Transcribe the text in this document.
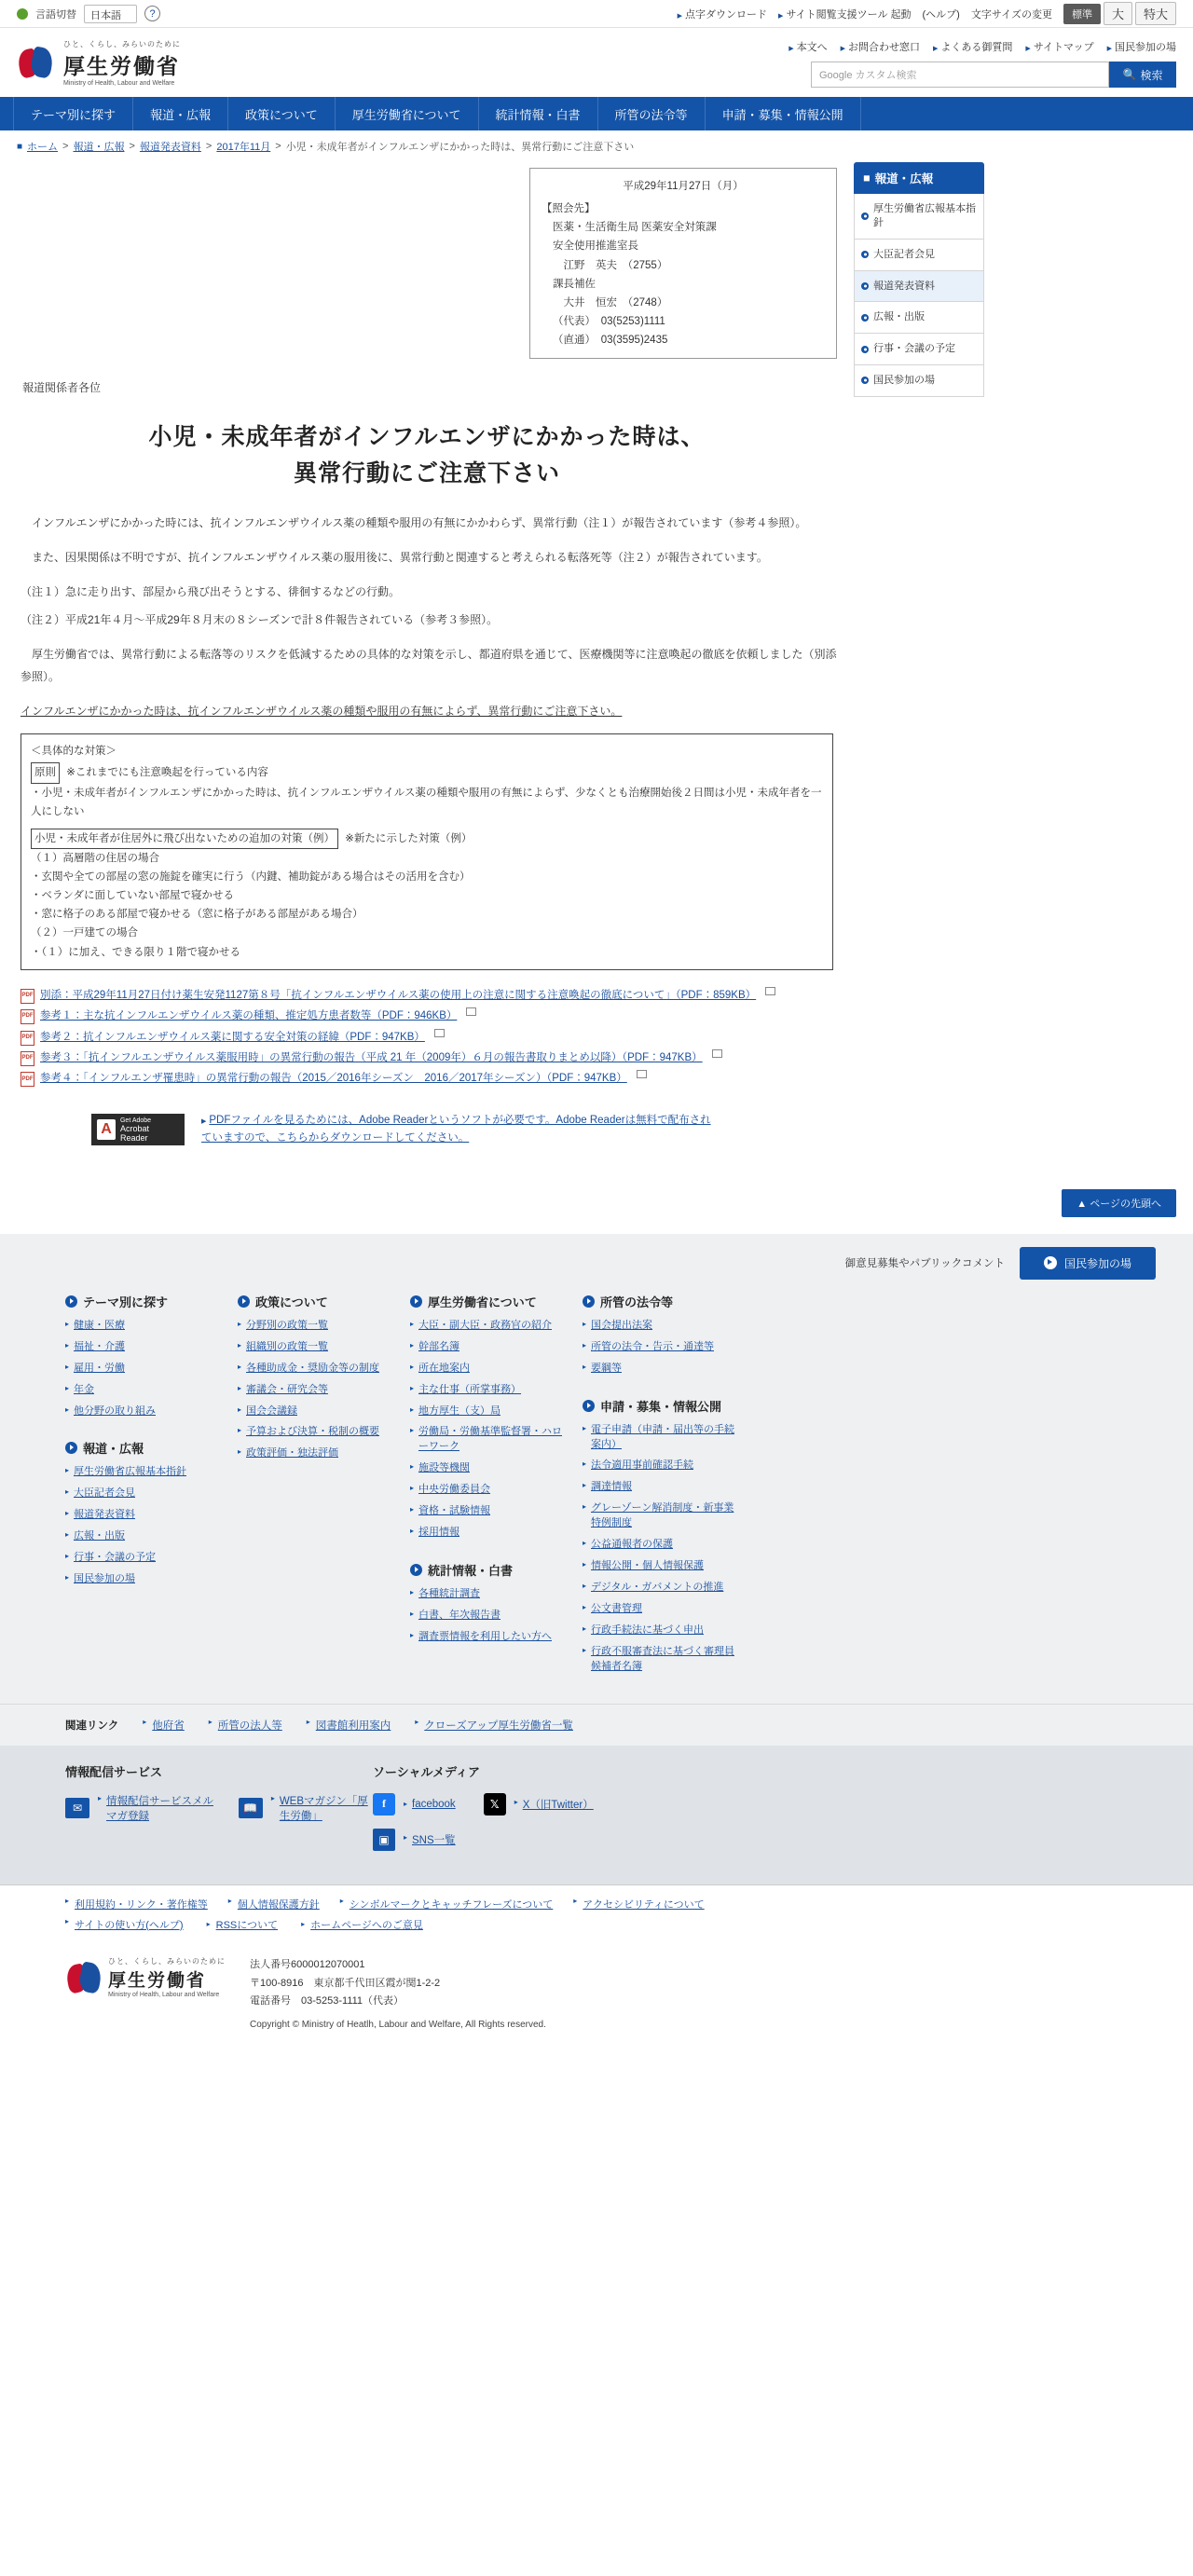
言語切替	日本語	?	▶ 点字ダウンロード	▶ サイト閲覧支援ツール 起動 (ヘルプ) 文字サイズの変更	標準	大	特大
ひと、くらし、みらいのために
厚生労働省
Ministry of Health, Labour and Welfare
▶ 本文へ	▶ お問合わせ窓口	▶ よくある御質問	▶ サイトマップ	▶ 国民参加の場
Google カスタム検索	🔍 検索
テーマ別に探す	報道・広報	政策について	厚生労働省について	統計情報・白書	所管の法令等	申請・募集・情報公開
■ ホーム > 報道・広報 > 報道発表資料 > 2017年11月 > 小児・未成年者がインフルエンザにかかった時は、異常行動にご注意下さい
平成29年11月27日（月）
【照会先】
医薬・生活衛生局 医薬安全対策課
安全使用推進室長
　江野　英夫　（2755）
課長補佐
　大井　恒宏　（2748）
（代表）　03(5253)1111
（直通）　03(3595)2435
報道関係者各位
小児・未成年者がインフルエンザにかかった時は、
異常行動にご注意下さい

インフルエンザにかかった時には、抗インフルエンザウイルス薬の種類や服用の有無にかかわらず、異常行動（注１）が報告されています（参考４参照）。

また、因果関係は不明ですが、抗インフルエンザウイルス薬の服用後に、異常行動と関連すると考えられる転落死等（注２）が報告されています。

（注１）急に走り出す、部屋から飛び出そうとする、徘徊するなどの行動。

（注２）平成21年４月～平成29年８月末の８シーズンで計８件報告されている（参考３参照）。

厚生労働省では、異常行動による転落等のリスクを低減するための具体的な対策を示し、都道府県を通じて、医療機関等に注意喚起の徹底を依頼しました（別添参照）。

インフルエンザにかかった時は、抗インフルエンザウイルス薬の種類や服用の有無によらず、異常行動にご注意下さい。

＜具体的な対策＞
原則 ※これまでにも注意喚起を行っている内容
・小児・未成年者がインフルエンザにかかった時は、抗インフルエンザウイルス薬の種類や服用の有無によらず、少なくとも治療開始後２日間は小児・未成年者を一人にしない
小児・未成年者が住居外に飛び出ないための追加の対策（例） ※新たに示した対策（例）
（１）高層階の住居の場合
・玄関や全ての部屋の窓の施錠を確実に行う（内鍵、補助錠がある場合はその活用を含む）
・ベランダに面していない部屋で寝かせる
・窓に格子のある部屋で寝かせる（窓に格子がある部屋がある場合）
（２）一戸建ての場合
・（１）に加え、できる限り１階で寝かせる
PDF 別添：平成29年11月27日付け薬生安発1127第８号「抗インフルエンザウイルス薬の使用上の注意に関する注意喚起の徹底について」（PDF：859KB）
PDF 参考１：主な抗インフルエンザウイルス薬の種類、推定処方患者数等（PDF：946KB）
PDF 参考２：抗インフルエンザウイルス薬に関する安全対策の経緯（PDF：947KB）
PDF 参考３：「抗インフルエンザウイルス薬服用時」の異常行動の報告（平成 21 年（2009年）６月の報告書取りまとめ以降）（PDF：947KB）
PDF 参考４：「インフルエンザ罹患時」の異常行動の報告（2015／2016年シーズン　2016／2017年シーズン）（PDF：947KB）
A
Get Adobe
Acrobat Reader
▶ PDFファイルを見るためには、Adobe Readerというソフトが必要です。Adobe Readerは無料で配布され
ていますので、こちらからダウンロードしてください。
■ 報道・広報
厚生労働省広報基本指針
大臣記者会見
報道発表資料
広報・出版
行事・会議の予定
国民参加の場
▲ ページの先頭へ
御意見募集やパブリックコメント	国民参加の場
テーマ別に探す
▸ 健康・医療
▸ 福祉・介護
▸ 雇用・労働
▸ 年金
▸ 他分野の取り組み
報道・広報
▸ 厚生労働省広報基本指針
▸ 大臣記者会見
▸ 報道発表資料
▸ 広報・出版
▸ 行事・会議の予定
▸ 国民参加の場
政策について
▸ 分野別の政策一覧
▸ 組織別の政策一覧
▸ 各種助成金・奨励金等の制度
▸ 審議会・研究会等
▸ 国会会議録
▸ 予算および決算・税制の概要
▸ 政策評価・独法評価
厚生労働省について
▸ 大臣・副大臣・政務官の紹介
▸ 幹部名簿
▸ 所在地案内
▸ 主な仕事（所掌事務）
▸ 地方厚生（支）局
▸ 労働局・労働基準監督署・ハローワーク
▸ 施設等機関
▸ 中央労働委員会
▸ 資格・試験情報
▸ 採用情報
統計情報・白書
▸ 各種統計調査
▸ 白書、年次報告書
▸ 調査票情報を利用したい方へ
所管の法令等
▸ 国会提出法案
▸ 所管の法令・告示・通達等
▸ 要綱等
申請・募集・情報公開
▸ 電子申請（申請・届出等の手続案内）
▸ 法令適用事前確認手続
▸ 調達情報
▸ グレーゾーン解消制度・新事業特例制度
▸ 公益通報者の保護
▸ 情報公開・個人情報保護
▸ デジタル・ガバメントの推進
▸ 公文書管理
▸ 行政手続法に基づく申出
▸ 行政不服審査法に基づく審理員候補者名簿
関連リンク	▸ 他府省	▸ 所管の法人等	▸ 図書館利用案内	▸ クローズアップ厚生労働省一覧
情報配信サービス
✉	▸ 情報配信サービスメルマガ登録
📖	▸ WEBマガジン「厚生労働」
ソーシャルメディア
f	▸ facebook	𝕏	▸ X（旧Twitter）
▣	▸ SNS一覧
▸ 利用規約・リンク・著作権等	▸ 個人情報保護方針	▸ シンボルマークとキャッチフレーズについて	▸ アクセシビリティについて
▸ サイトの使い方(ヘルプ)	▸ RSSについて	▸ ホームページへのご意見
ひと、くらし、みらいのために
厚生労働省
Ministry of Health, Labour and Welfare
法人番号6000012070001
〒100-8916　東京都千代田区霞が関1-2-2
電話番号　03-5253-1111（代表）
Copyright © Ministry of Heatlh, Labour and Welfare, All Rights reserved.
